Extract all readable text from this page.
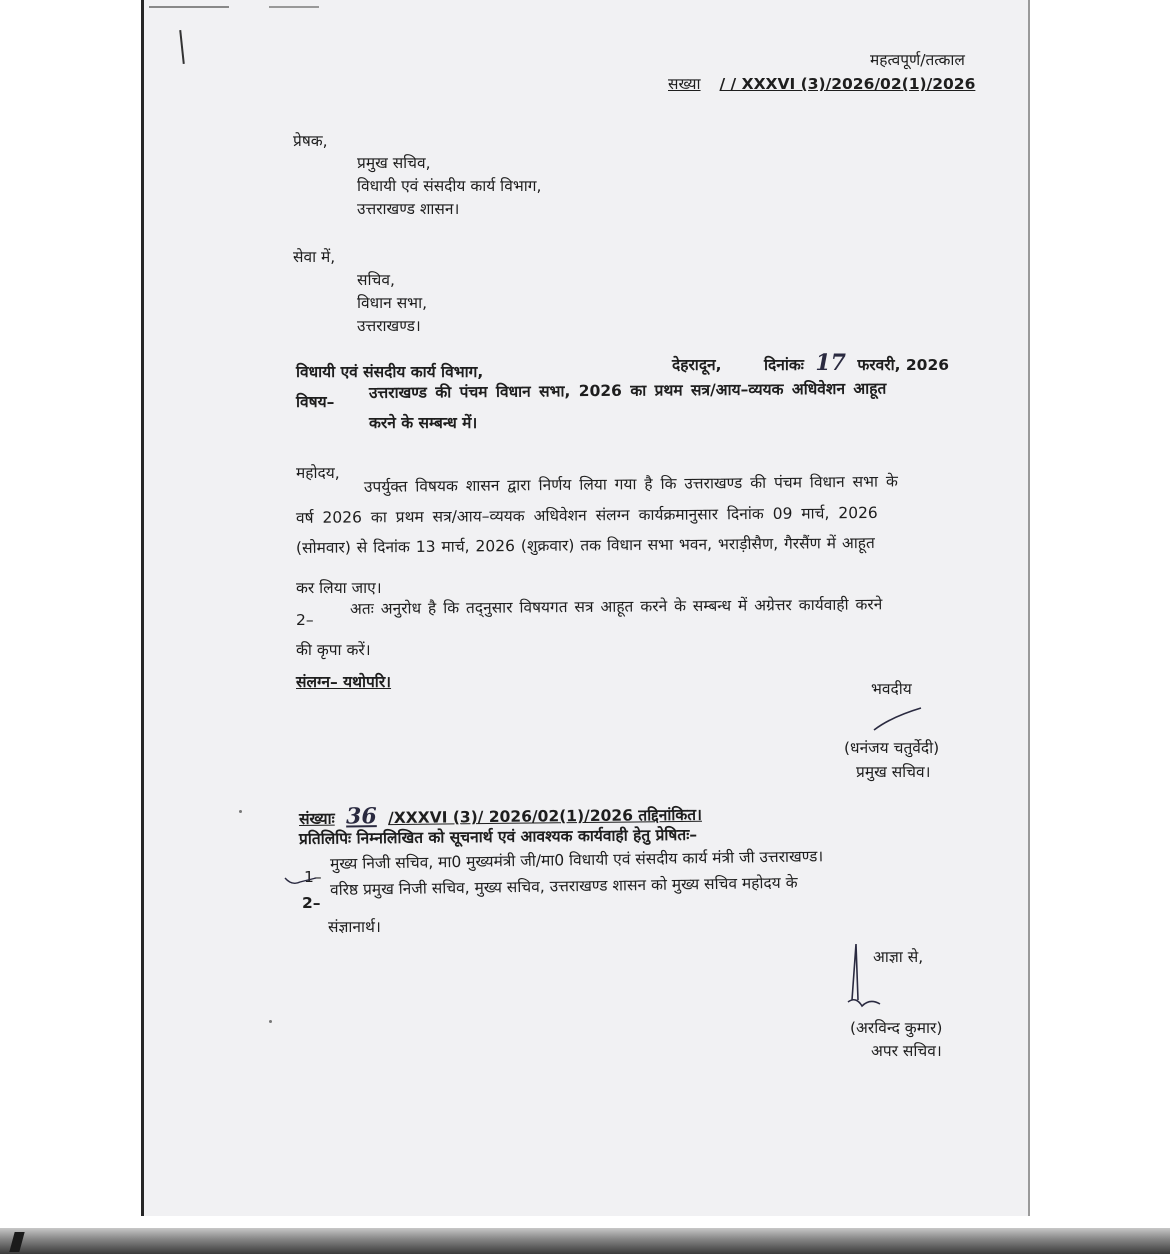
महत्वपूर्ण/तत्काल
सख्या / / XXXVI (3)/2026/02(1)/2026
प्रेषक,
प्रमुख सचिव,
विधायी एवं संसदीय कार्य विभाग,
उत्तराखण्ड शासन।
सेवा में,
सचिव,
विधान सभा,
उत्तराखण्ड।
विधायी एवं संसदीय कार्य विभाग,	देहरादून,	दिनांकः 17 फरवरी, 2026
विषय–
उत्तराखण्ड की पंचम विधान सभा, 2026 का प्रथम सत्र/आय–व्ययक अधिवेशन आहूत
करने के सम्बन्ध में।
महोदय, उपर्युक्त विषयक शासन द्वारा निर्णय लिया गया है कि उत्तराखण्ड की पंचम विधान सभा के
वर्ष 2026 का प्रथम सत्र/आय–व्ययक अधिवेशन संलग्न कार्यक्रमानुसार दिनांक 09 मार्च, 2026
(सोमवार) से दिनांक 13 मार्च, 2026 (शुक्रवार) तक विधान सभा भवन, भराड़ीसैण, गैरसैंण में आहूत
कर लिया जाए।
2–
अतः अनुरोध है कि तद्नुसार विषयगत सत्र आहूत करने के सम्बन्ध में अग्रेत्तर कार्यवाही करने
की कृपा करें।
संलग्न– यथोपरि।	भवदीय
(धनंजय चतुर्वेदी)
प्रमुख सचिव।
संख्याः 36 /XXXVI (3)/ 2026/02(1)/2026 तद्दिनांकित।
प्रतिलिपिः निम्नलिखित को सूचनार्थ एवं आवश्यक कार्यवाही हेतु प्रेषितः–
1–
मुख्य निजी सचिव, मा0 मुख्यमंत्री जी/मा0 विधायी एवं संसदीय कार्य मंत्री जी उत्तराखण्ड।
2–
वरिष्ठ प्रमुख निजी सचिव, मुख्य सचिव, उत्तराखण्ड शासन को मुख्य सचिव महोदय के
संज्ञानार्थ।
आज्ञा से,
(अरविन्द कुमार)
अपर सचिव।
